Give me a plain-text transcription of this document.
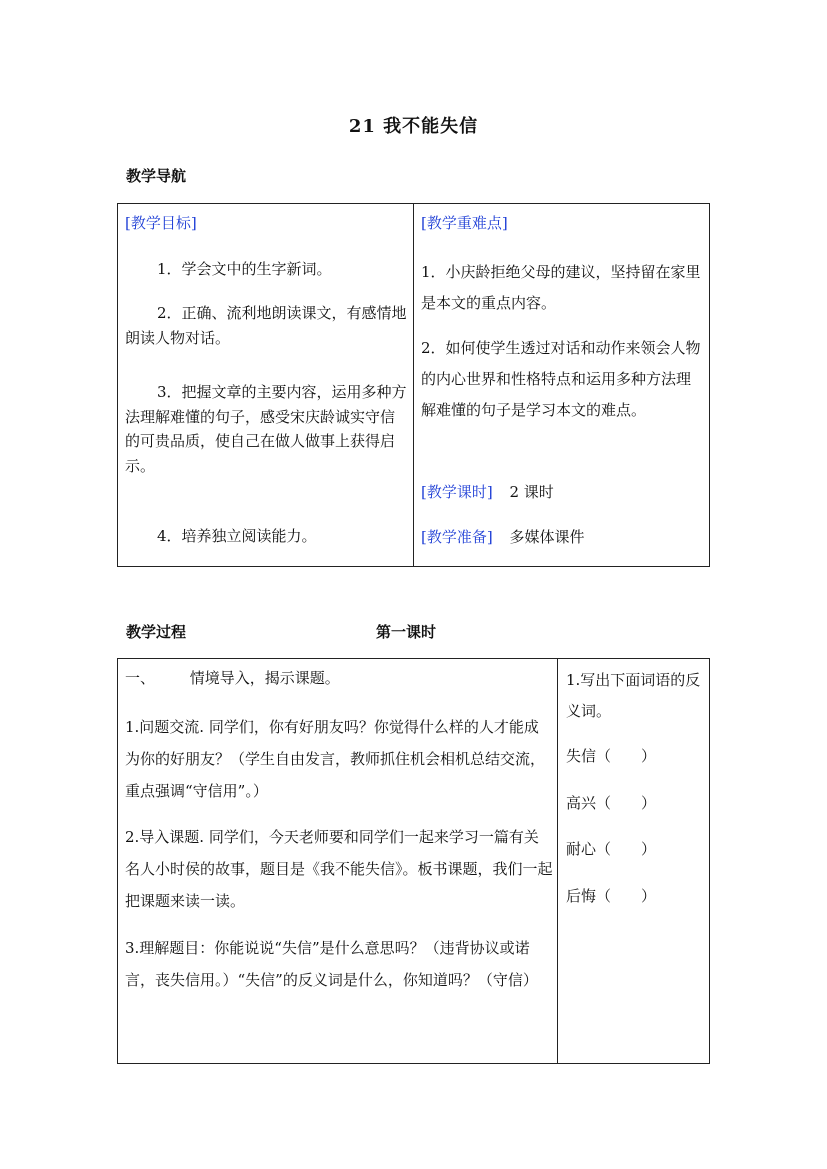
21 我不能失信
教学导航
[教学目标]
1．学会文中的生字新词。
2．正确、流利地朗读课文，有感情地朗读人物对话。
3．把握文章的主要内容，运用多种方法理解难懂的句子，感受宋庆龄诚实守信的可贵品质，使自己在做人做事上获得启示。
4．培养独立阅读能力。
[教学重难点]
1．小庆龄拒绝父母的建议，坚持留在家里是本文的重点内容。
2．如何使学生透过对话和动作来领会人物的内心世界和性格特点和运用多种方法理解难懂的句子是学习本文的难点。
[教学课时] 2 课时
[教学准备] 多媒体课件
教学过程	第一课时
一、 情境导入，揭示课题。
1.问题交流. 同学们，你有好朋友吗？你觉得什么样的人才能成为你的好朋友？（学生自由发言，教师抓住机会相机总结交流，重点强调“守信用”。）
2.导入课题. 同学们，今天老师要和同学们一起来学习一篇有关名人小时侯的故事，题目是《我不能失信》。板书课题，我们一起把课题来读一读。
3.理解题目：你能说说“失信”是什么意思吗？（违背协议或诺言，丧失信用。）“失信”的反义词是什么，你知道吗？（守信）
1.写出下面词语的反义词。
失信（　　）
高兴（　　）
耐心（　　）
后悔（　　）
